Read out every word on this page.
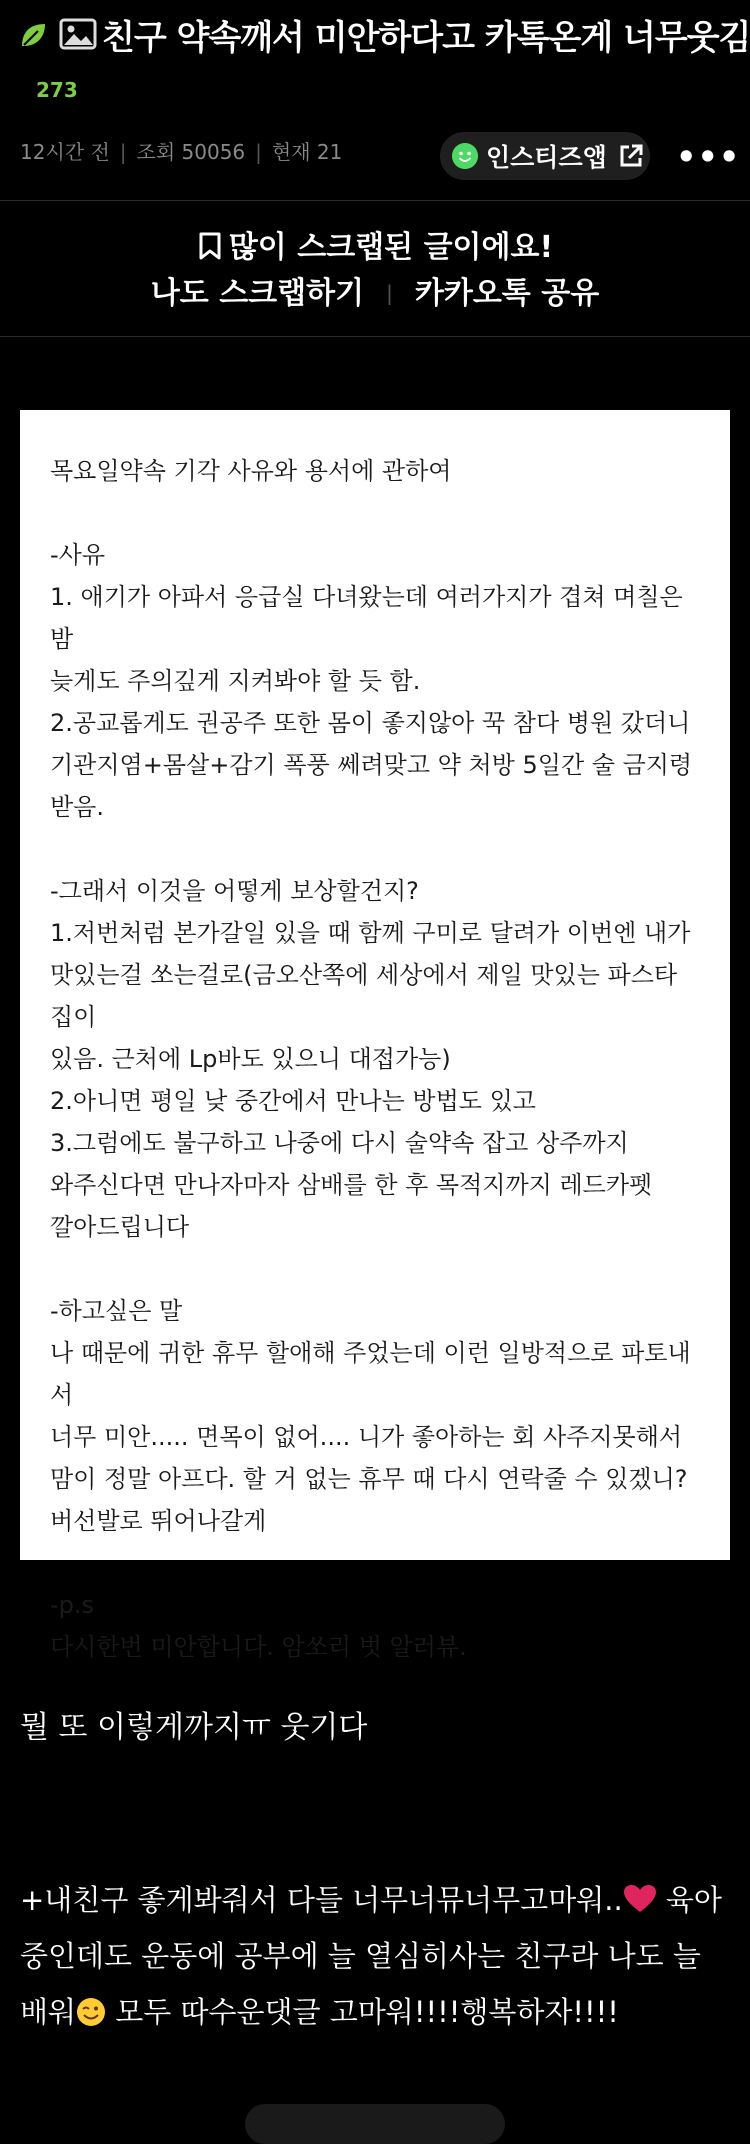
친구 약속깨서 미안하다고 카톡온게 너무웃김
273
12시간 전 | 조회 50056 | 현재 21	인스티즈앱 •••
많이 스크랩된 글이에요!
나도 스크랩하기 | 카카오톡 공유
목요일약속 기각 사유와 용서에 관하여

-사유
1. 애기가 아파서 응급실 다녀왔는데 여러가지가 겹쳐 며칠은 밤
늦게도 주의깊게 지켜봐야 할 듯 함.
2.공교롭게도 권공주 또한 몸이 좋지않아 꾹 참다 병원 갔더니
기관지염+몸살+감기 폭풍 쎄려맞고 약 처방 5일간 술 금지령
받음.

-그래서 이것을 어떻게 보상할건지?
1.저번처럼 본가갈일 있을 때 함께 구미로 달려가 이번엔 내가
맛있는걸 쏘는걸로(금오산쪽에 세상에서 제일 맛있는 파스타집이
있음. 근처에 Lp바도 있으니 대접가능)
2.아니면 평일 낮 중간에서 만나는 방법도 있고
3.그럼에도 불구하고 나중에 다시 술약속 잡고 상주까지
와주신다면 만나자마자 삼배를 한 후 목적지까지 레드카펫
깔아드립니다

-하고싶은 말
나 때문에 귀한 휴무 할애해 주었는데 이런 일방적으로 파토내서
너무 미안..... 면목이 없어.... 니가 좋아하는 회 사주지못해서
맘이 정말 아프다. 할 거 없는 휴무 때 다시 연락줄 수 있겠니?
버선발로 뛰어나갈게

-p.s
다시한번 미안합니다. 암쏘리 벗 알러뷰.
뭘 또 이렇게까지ㅠ 웃기다
+내친구 좋게봐줘서 다들 너무너뮤너무고마워.. 육아중인데도 운동에 공부에 늘 열심히사는 친구라 나도 늘 배워 모두 따수운댓글 고마워!!!!행복하자!!!!
